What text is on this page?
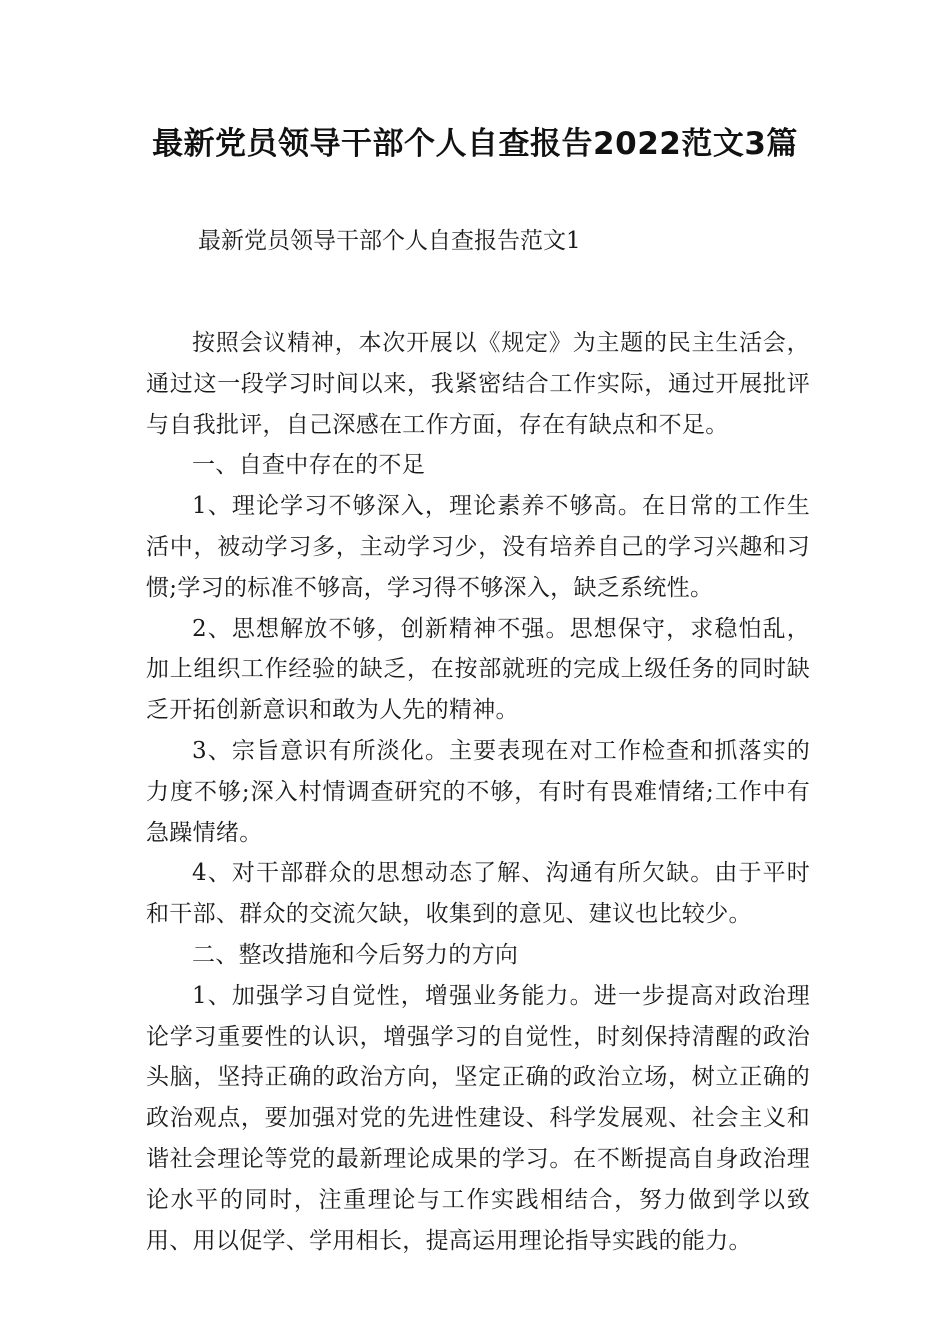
最新党员领导干部个人自查报告2022范文3篇

最新党员领导干部个人自查报告范文1

按照会议精神，本次开展以《规定》为主题的民主生活会，通过这一段学习时间以来，我紧密结合工作实际，通过开展批评与自我批评，自己深感在工作方面，存在有缺点和不足。

一、自查中存在的不足

1、理论学习不够深入，理论素养不够高。在日常的工作生活中，被动学习多，主动学习少，没有培养自己的学习兴趣和习惯;学习的标准不够高，学习得不够深入，缺乏系统性。

2、思想解放不够，创新精神不强。思想保守，求稳怕乱，加上组织工作经验的缺乏，在按部就班的完成上级任务的同时缺乏开拓创新意识和敢为人先的精神。

3、宗旨意识有所淡化。主要表现在对工作检查和抓落实的力度不够;深入村情调查研究的不够，有时有畏难情绪;工作中有急躁情绪。

4、对干部群众的思想动态了解、沟通有所欠缺。由于平时和干部、群众的交流欠缺，收集到的意见、建议也比较少。

二、整改措施和今后努力的方向

1、加强学习自觉性，增强业务能力。进一步提高对政治理论学习重要性的认识，增强学习的自觉性，时刻保持清醒的政治头脑，坚持正确的政治方向，坚定正确的政治立场，树立正确的政治观点，要加强对党的先进性建设、科学发展观、社会主义和谐社会理论等党的最新理论成果的学习。在不断提高自身政治理论水平的同时，注重理论与工作实践相结合，努力做到学以致用、用以促学、学用相长，提高运用理论指导实践的能力。
